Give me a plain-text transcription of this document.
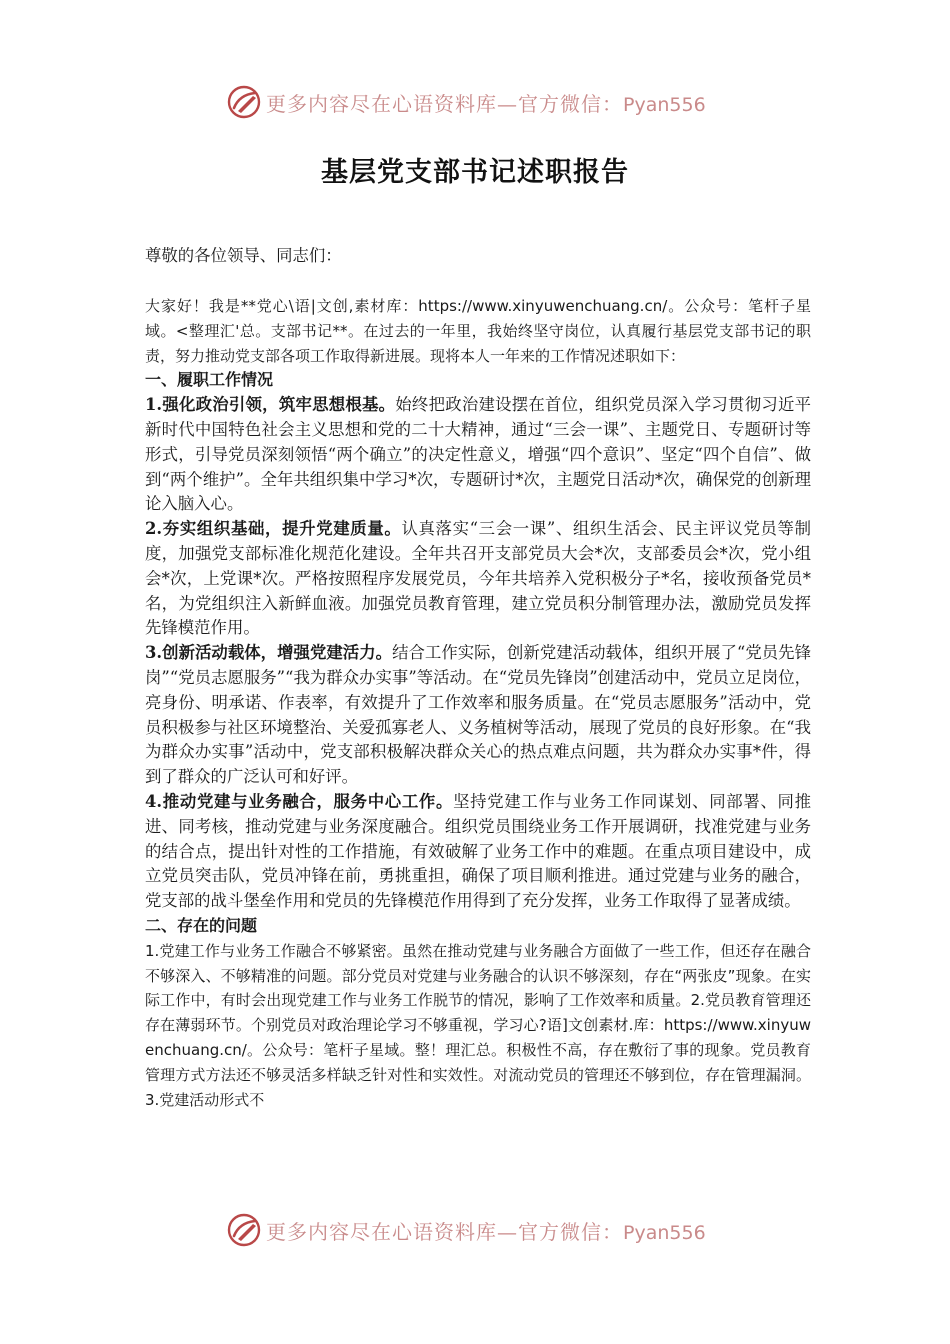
更多内容尽在心语资料库—官方微信：Pyan556
基层党支部书记述职报告
尊敬的各位领导、同志们：

大家好！我是**党心\语|文创,素材库：https://www.xinyuwenchuang.cn/。公众号：笔杆子星域。<整理汇'总。支部书记**。在过去的一年里，我始终坚守岗位，认真履行基层党支部书记的职责，努力推动党支部各项工作取得新进展。现将本人一年来的工作情况述职如下：

一、履职工作情况

1.强化政治引领，筑牢思想根基。始终把政治建设摆在首位，组织党员深入学习贯彻习近平新时代中国特色社会主义思想和党的二十大精神，通过“三会一课”、主题党日、专题研讨等形式，引导党员深刻领悟“两个确立”的决定性意义，增强“四个意识”、坚定“四个自信”、做到“两个维护”。全年共组织集中学习*次，专题研讨*次，主题党日活动*次，确保党的创新理论入脑入心。

2.夯实组织基础，提升党建质量。认真落实“三会一课”、组织生活会、民主评议党员等制度，加强党支部标准化规范化建设。全年共召开支部党员大会*次，支部委员会*次，党小组会*次，上党课*次。严格按照程序发展党员，今年共培养入党积极分子*名，接收预备党员*名，为党组织注入新鲜血液。加强党员教育管理，建立党员积分制管理办法，激励党员发挥先锋模范作用。

3.创新活动载体，增强党建活力。结合工作实际，创新党建活动载体，组织开展了“党员先锋岗”“党员志愿服务”“我为群众办实事”等活动。在“党员先锋岗”创建活动中，党员立足岗位，亮身份、明承诺、作表率，有效提升了工作效率和服务质量。在“党员志愿服务”活动中，党员积极参与社区环境整治、关爱孤寡老人、义务植树等活动，展现了党员的良好形象。在“我为群众办实事”活动中，党支部积极解决群众关心的热点难点问题，共为群众办实事*件，得到了群众的广泛认可和好评。

4.推动党建与业务融合，服务中心工作。坚持党建工作与业务工作同谋划、同部署、同推进、同考核，推动党建与业务深度融合。组织党员围绕业务工作开展调研，找准党建与业务的结合点，提出针对性的工作措施，有效破解了业务工作中的难题。在重点项目建设中，成立党员突击队，党员冲锋在前，勇挑重担，确保了项目顺利推进。通过党建与业务的融合，党支部的战斗堡垒作用和党员的先锋模范作用得到了充分发挥，业务工作取得了显著成绩。

二、存在的问题

1.党建工作与业务工作融合不够紧密。虽然在推动党建与业务融合方面做了一些工作，但还存在融合不够深入、不够精准的问题。部分党员对党建与业务融合的认识不够深刻，存在“两张皮”现象。在实际工作中，有时会出现党建工作与业务工作脱节的情况，影响了工作效率和质量。2.党员教育管理还存在薄弱环节。个别党员对政治理论学习不够重视，学习心?语]文创素材.库：https://www.xinyuwenchuang.cn/。公众号：笔杆子星域。整！理汇总。积极性不高，存在敷衍了事的现象。党员教育管理方式方法还不够灵活多样缺乏针对性和实效性。对流动党员的管理还不够到位，存在管理漏洞。3.党建活动形式不

更多内容尽在心语资料库—官方微信：Pyan556
